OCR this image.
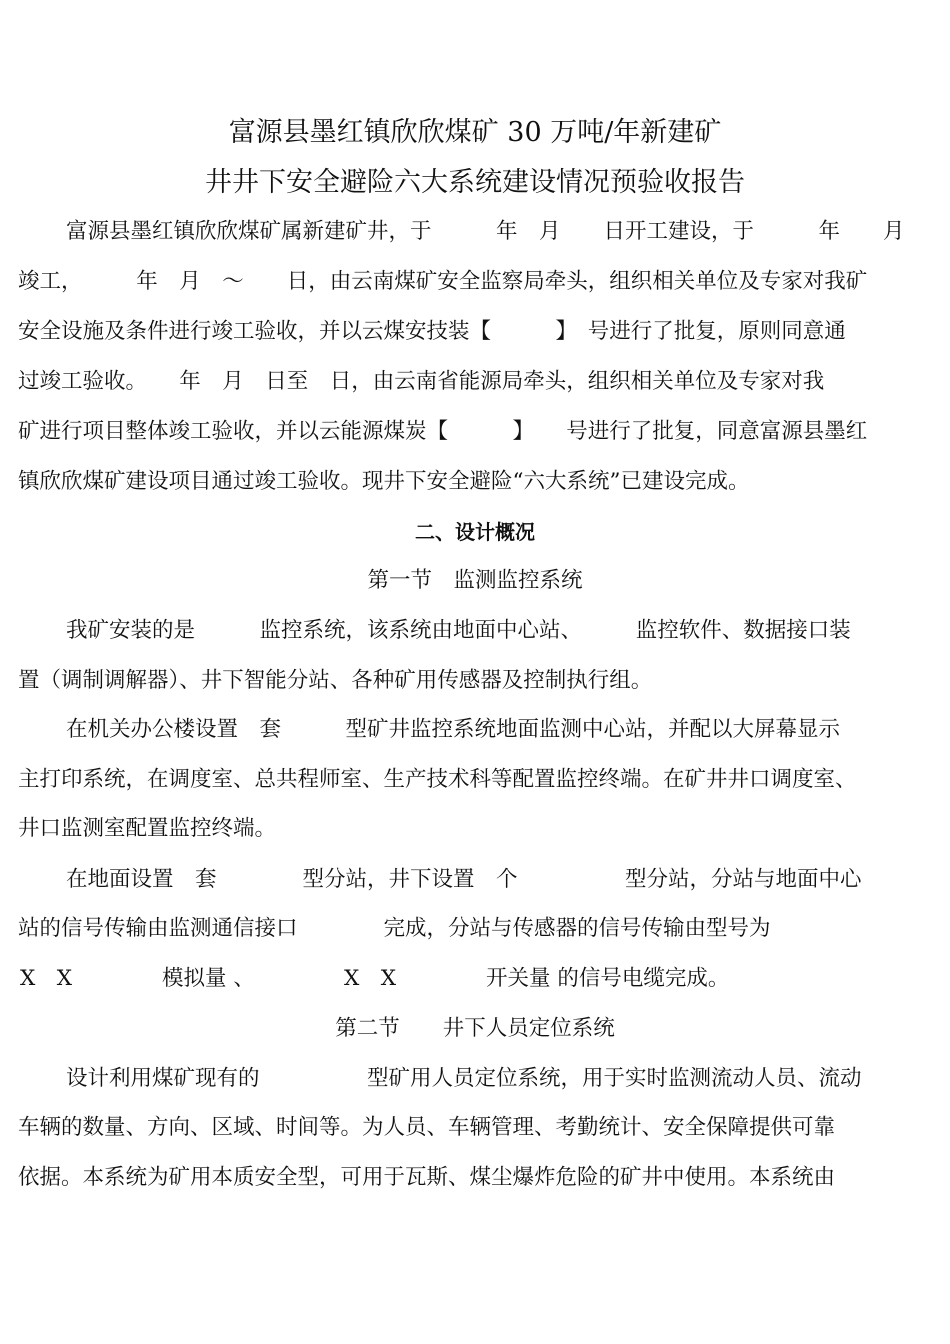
富源县墨红镇欣欣煤矿 30 万吨/年新建矿
井井下安全避险六大系统建设情况预验收报告
富源县墨红镇欣欣煤矿属新建矿井，于　　　年　月　　日开工建设，于　　　年　　月
竣工，　　　年　月　～　　日，由云南煤矿安全监察局牵头，组织相关单位及专家对我矿
安全设施及条件进行竣工验收，并以云煤安技装【　　　】　号进行了批复，原则同意通
过竣工验收。　　年　月　日至　日，由云南省能源局牵头，组织相关单位及专家对我
矿进行项目整体竣工验收，并以云能源煤炭【　　　】　　号进行了批复，同意富源县墨红
镇欣欣煤矿建设项目通过竣工验收。现井下安全避险“六大系统”已建设完成。
二、设计概况
第一节　监测监控系统
我矿安装的是　　　监控系统，该系统由地面中心站、　　　监控软件、数据接口装
置（调制调解器）、井下智能分站、各种矿用传感器及控制执行组。
在机关办公楼设置　套　　　型矿井监控系统地面监测中心站，并配以大屏幕显示
主打印系统，在调度室、总共程师室、生产技术科等配置监控终端。在矿井井口调度室、
井口监测室配置监控终端。
在地面设置　套　　　　型分站，井下设置　个　　　　　型分站，分站与地面中心
站的信号传输由监测通信接口　　　　完成，分站与传感器的信号传输由型号为
X　X	模拟量 、	X　X	开关量 的信号电缆完成。
第二节　　井下人员定位系统
设计利用煤矿现有的　　　　　型矿用人员定位系统，用于实时监测流动人员、流动
车辆的数量、方向、区域、时间等。为人员、车辆管理、考勤统计、安全保障提供可靠
依据。本系统为矿用本质安全型，可用于瓦斯、煤尘爆炸危险的矿井中使用。本系统由
